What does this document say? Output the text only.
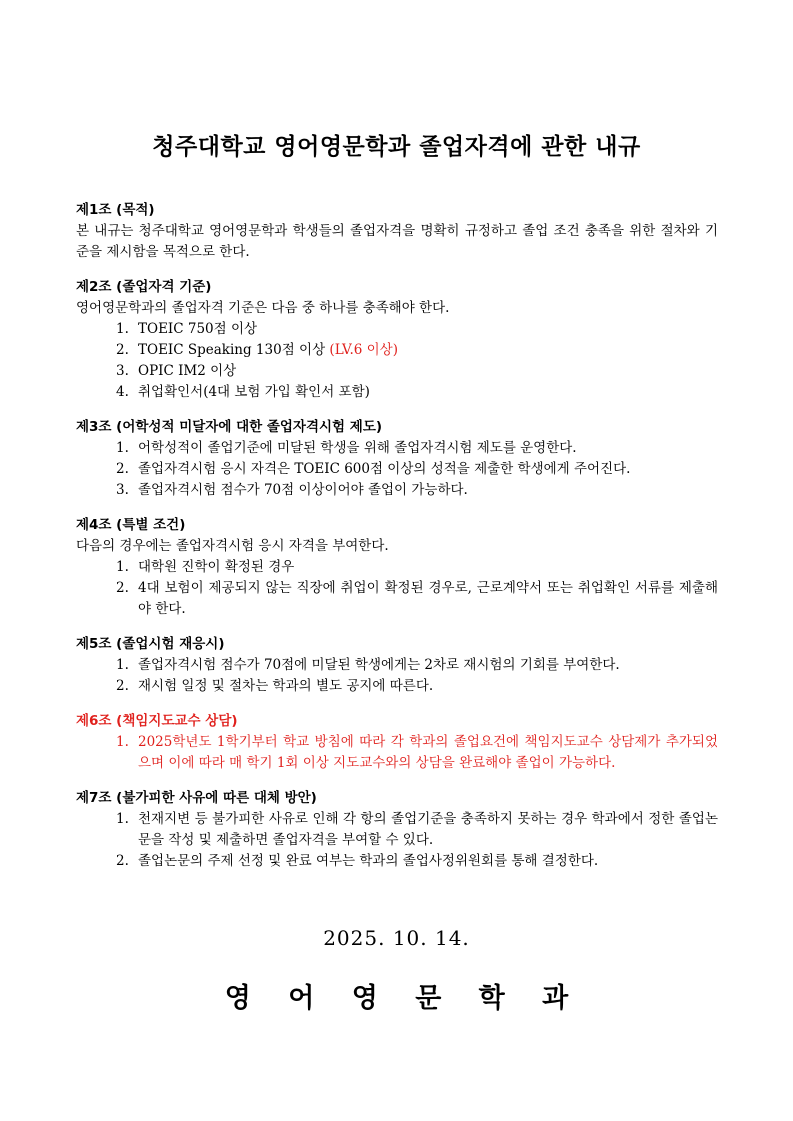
청주대학교 영어영문학과 졸업자격에 관한 내규
제1조 (목적)
본 내규는 청주대학교 영어영문학과 학생들의 졸업자격을 명확히 규정하고 졸업 조건 충족을 위한 절차와 기준을 제시함을 목적으로 한다.
제2조 (졸업자격 기준)
영어영문학과의 졸업자격 기준은 다음 중 하나를 충족해야 한다.
1. TOEIC 750점 이상
2. TOEIC Speaking 130점 이상 (LV.6 이상)
3. OPIC IM2 이상
4. 취업확인서(4대 보험 가입 확인서 포함)
제3조 (어학성적 미달자에 대한 졸업자격시험 제도)
1. 어학성적이 졸업기준에 미달된 학생을 위해 졸업자격시험 제도를 운영한다.
2. 졸업자격시험 응시 자격은 TOEIC 600점 이상의 성적을 제출한 학생에게 주어진다.
3. 졸업자격시험 점수가 70점 이상이어야 졸업이 가능하다.
제4조 (특별 조건)
다음의 경우에는 졸업자격시험 응시 자격을 부여한다.
1. 대학원 진학이 확정된 경우
2. 4대 보험이 제공되지 않는 직장에 취업이 확정된 경우로, 근로계약서 또는 취업확인 서류를 제출해야 한다.
제5조 (졸업시험 재응시)
1. 졸업자격시험 점수가 70점에 미달된 학생에게는 2차로 재시험의 기회를 부여한다.
2. 재시험 일정 및 절차는 학과의 별도 공지에 따른다.
제6조 (책임지도교수 상담)
1. 2025학년도 1학기부터 학교 방침에 따라 각 학과의 졸업요건에 책임지도교수 상담제가 추가되었으며 이에 따라 매 학기 1회 이상 지도교수와의 상담을 완료해야 졸업이 가능하다.
제7조 (불가피한 사유에 따른 대체 방안)
1. 천재지변 등 불가피한 사유로 인해 각 항의 졸업기준을 충족하지 못하는 경우 학과에서 정한 졸업논문을 작성 및 제출하면 졸업자격을 부여할 수 있다.
2. 졸업논문의 주제 선정 및 완료 여부는 학과의 졸업사정위원회를 통해 결정한다.
2025. 10. 14.
영 어 영 문 학 과
